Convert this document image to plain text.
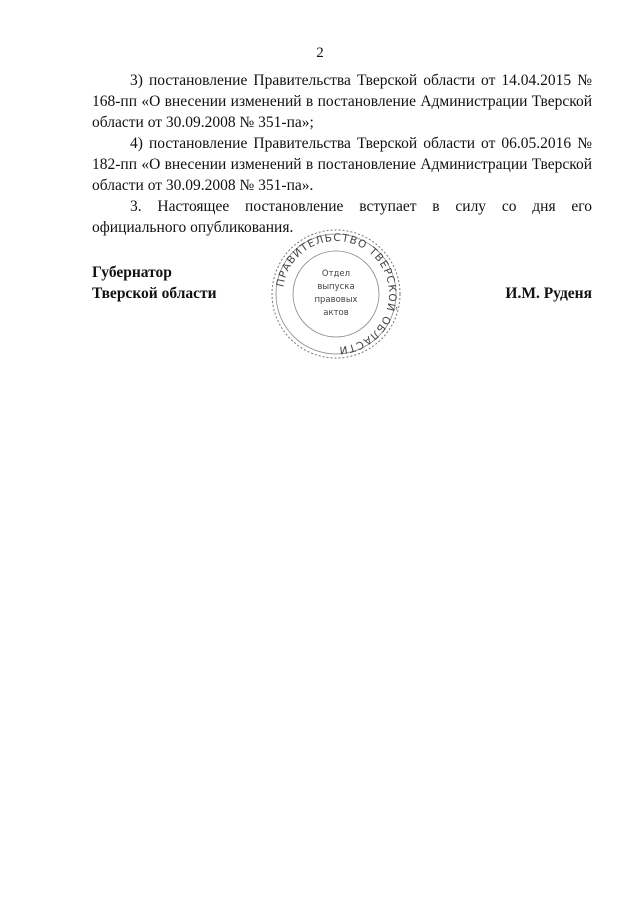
2

3) постановление Правительства Тверской области от 14.04.2015 № 168-пп «О внесении изменений в постановление Администрации Тверской области от 30.09.2008 № 351-па»;

4) постановление Правительства Тверской области от 06.05.2016 № 182-пп «О внесении изменений в постановление Администрации Тверской области от 30.09.2008 № 351-па».

3. Настоящее постановление вступает в силу со дня его официального опубликования.

Губернатор
Тверской области
ПРАВИТЕЛЬСТВО ТВЕРСКОЙ ОБЛАСТИ
Отдел
выпуска
правовых
актов
И.М. Руденя
